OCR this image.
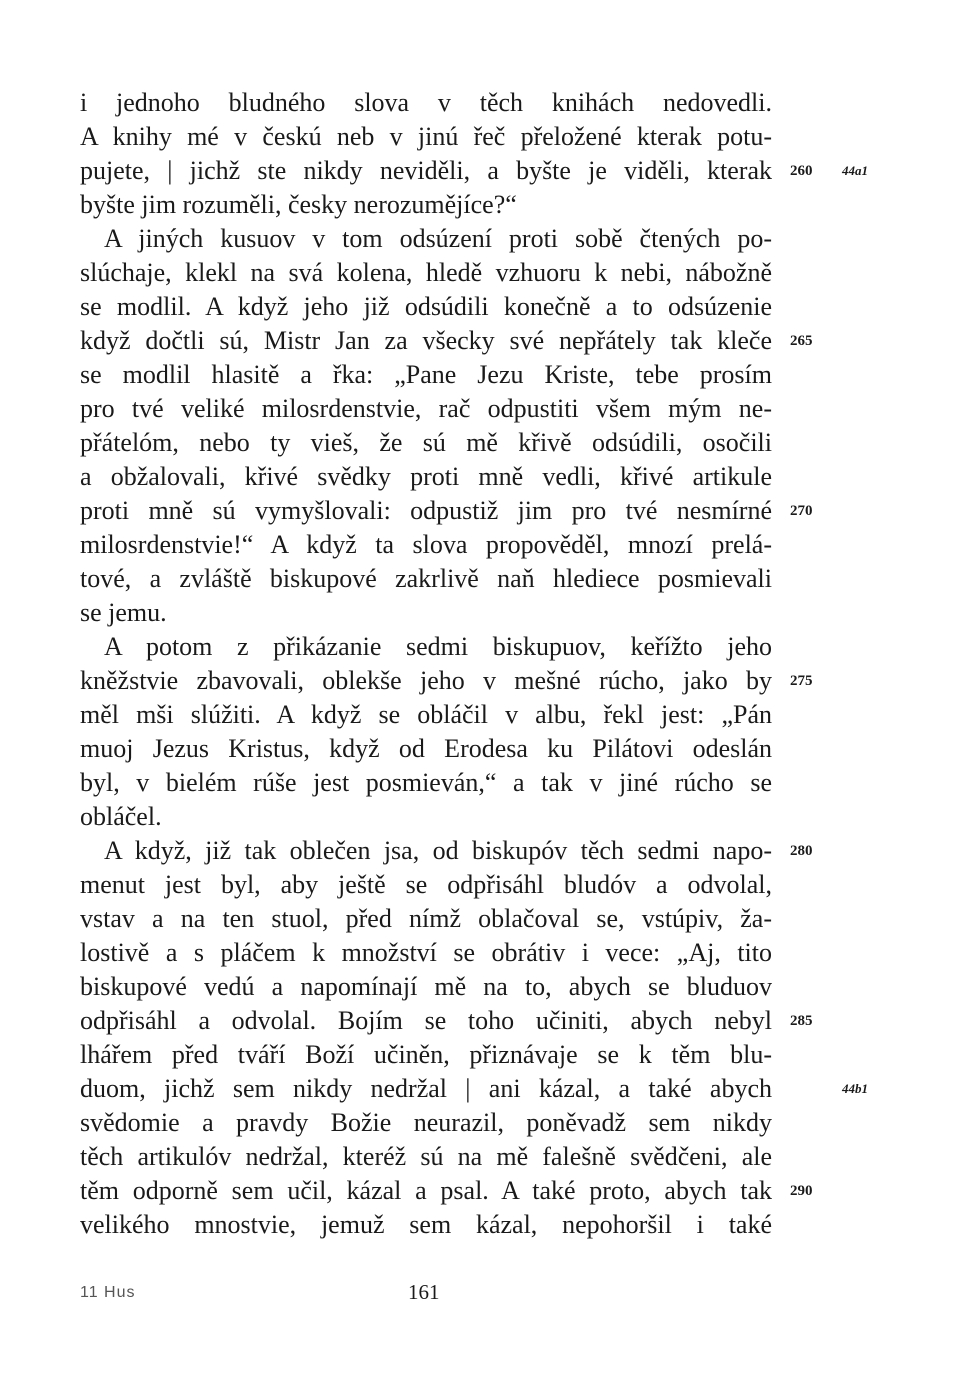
i jednoho bludného slova v těch knihách nedovedli.
A knihy mé v českú neb v jinú řeč přeložené kterak potu-
pujete, | jichž ste nikdy neviděli, a byšte je viděli, kterak
byšte jim rozuměli, česky nerozumějíce?“
A jiných kusuov v tom odsúzení proti sobě čtených po-
slúchaje, klekl na svá kolena, hledě vzhuoru k nebi, nábožně
se modlil. A když jeho již odsúdili konečně a to odsúzenie
když dočtli sú, Mistr Jan za všecky své nepřátely tak kleče
se modlil hlasitě a řka: „Pane Jezu Kriste, tebe prosím
pro tvé veliké milosrdenstvie, rač odpustiti všem mým ne-
přátelóm, nebo ty vieš, že sú mě křivě odsúdili, osočili
a obžalovali, křivé svědky proti mně vedli, křivé artikule
proti mně sú vymyšlovali: odpustiž jim pro tvé nesmírné
milosrdenstvie!“ A když ta slova propověděl, mnozí prelá-
tové, a zvláště biskupové zakrlivě naň hlediece posmievali
se jemu.
A potom z přikázanie sedmi biskupuov, keřížto jeho
kněžstvie zbavovali, oblekše jeho v mešné rúcho, jako by
měl mši slúžiti. A když se obláčil v albu, řekl jest: „Pán
muoj Jezus Kristus, když od Erodesa ku Pilátovi odeslán
byl, v bielém rúše jest posmieván,“ a tak v jiné rúcho se
obláčel.
A když, již tak oblečen jsa, od biskupóv těch sedmi napo-
menut jest byl, aby ještě se odpřisáhl bludóv a odvolal,
vstav a na ten stuol, před nímž oblačoval se, vstúpiv, ža-
lostivě a s pláčem k množství se obrátiv i vece: „Aj, tito
biskupové vedú a napomínají mě na to, abych se bluduov
odpřisáhl a odvolal. Bojím se toho učiniti, abych nebyl
lhářem před tváří Boží učiněn, přiznávaje se k těm blu-
duom, jichž sem nikdy nedržal | ani kázal, a také abych
svědomie a pravdy Božie neurazil, poněvadž sem nikdy
těch artikulóv nedržal, kteréž sú na mě falešně svědčeni, ale
těm odporně sem učil, kázal a psal. A také proto, abych tak
velikého mnostvie, jemuž sem kázal, nepohoršil i také
260
265
270
275
280
285
290
44a1
44b1
11 Hus	161
